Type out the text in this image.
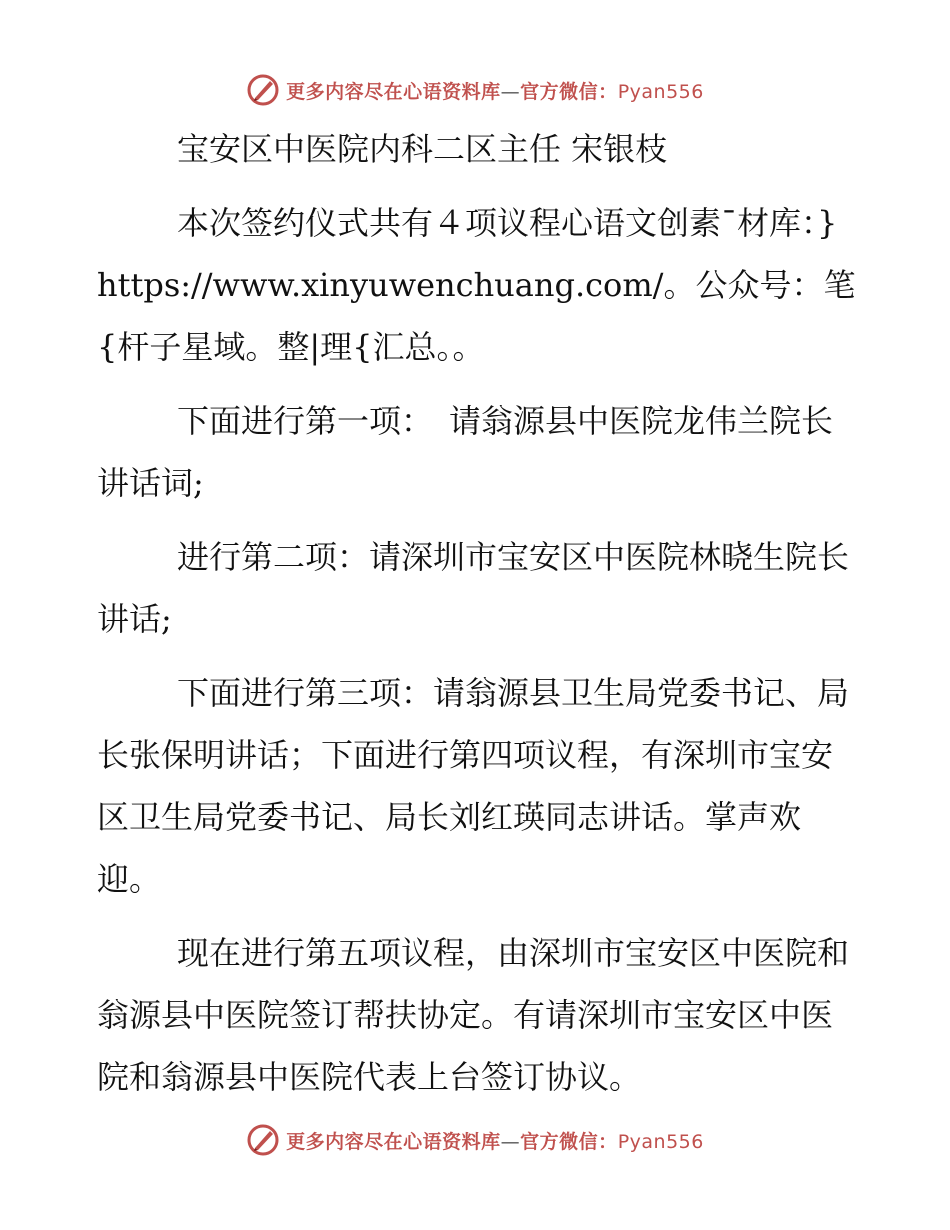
更多内容尽在心语资料库—官方微信：Pyan556

宝安区中医院内科二区主任 宋银枝

本次签约仪式共有４项议程心语文创素¯材库：}https://www.xinyuwenchuang.com/。公众号：笔{杆子星域。整|理{汇总。。

下面进行第一项：　请翁源县中医院龙伟兰院长讲话词;

进行第二项：请深圳市宝安区中医院林晓生院长讲话;

下面进行第三项：请翁源县卫生局党委书记、局长张保明讲话；下面进行第四项议程，有深圳市宝安区卫生局党委书记、局长刘红瑛同志讲话。掌声欢迎。

现在进行第五项议程，由深圳市宝安区中医院和翁源县中医院签订帮扶协定。有请深圳市宝安区中医院和翁源县中医院代表上台签订协议。

更多内容尽在心语资料库—官方微信：Pyan556
